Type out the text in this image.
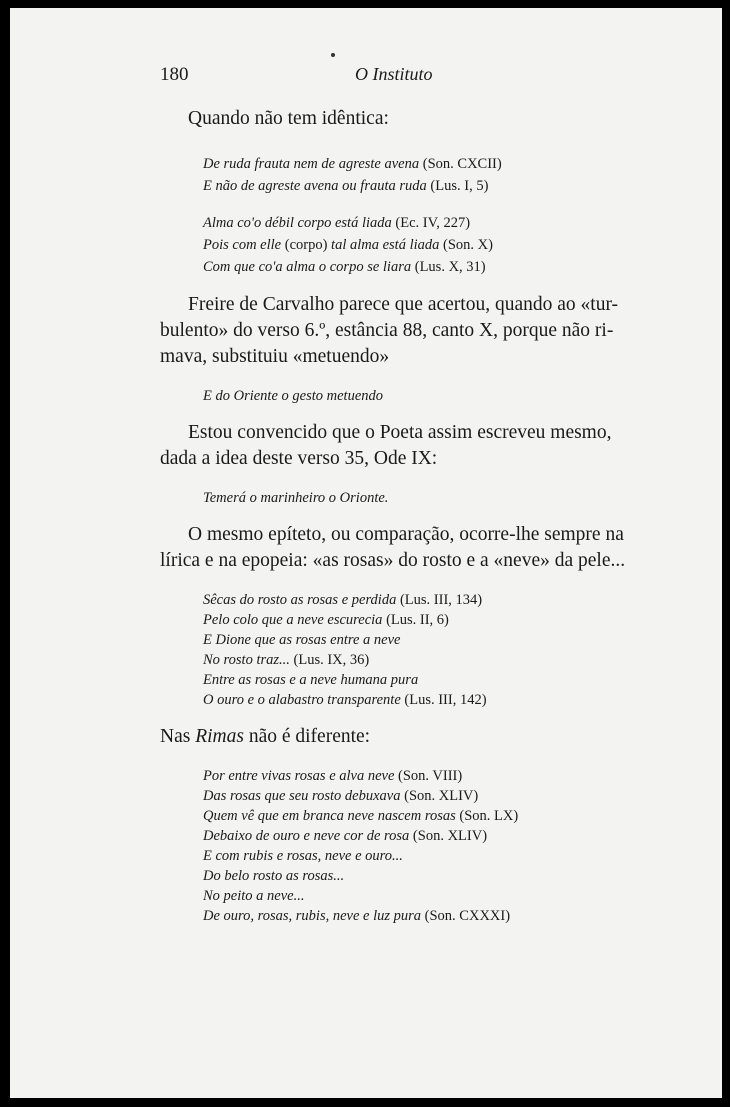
180	O Instituto
Quando não tem idêntica:
De ruda frauta nem de agreste avena (Son. CXCII)
E não de agreste avena ou frauta ruda (Lus. I, 5)
Alma co'o débil corpo está liada (Ec. IV, 227)
Pois com elle (corpo) tal alma está liada (Son. X)
Com que co'a alma o corpo se liara (Lus. X, 31)
Freire de Carvalho parece que acertou, quando ao «tur-
bulento» do verso 6.º, estância 88, canto X, porque não ri-
mava, substituiu «metuendo»
E do Oriente o gesto metuendo
Estou convencido que o Poeta assim escreveu mesmo,
dada a idea deste verso 35, Ode IX:
Temerá o marinheiro o Orionte.
O mesmo epíteto, ou comparação, ocorre-lhe sempre na
lírica e na epopeia: «as rosas» do rosto e a «neve» da pele...
Sêcas do rosto as rosas e perdida (Lus. III, 134)
Pelo colo que a neve escurecia (Lus. II, 6)
E Dione que as rosas entre a neve
No rosto traz... (Lus. IX, 36)
Entre as rosas e a neve humana pura
O ouro e o alabastro transparente (Lus. III, 142)
Nas Rimas não é diferente:
Por entre vivas rosas e alva neve (Son. VIII)
Das rosas que seu rosto debuxava (Son. XLIV)
Quem vê que em branca neve nascem rosas (Son. LX)
Debaixo de ouro e neve cor de rosa (Son. XLIV)
E com rubis e rosas, neve e ouro...
Do belo rosto as rosas...
No peito a neve...
De ouro, rosas, rubis, neve e luz pura (Son. CXXXI)
